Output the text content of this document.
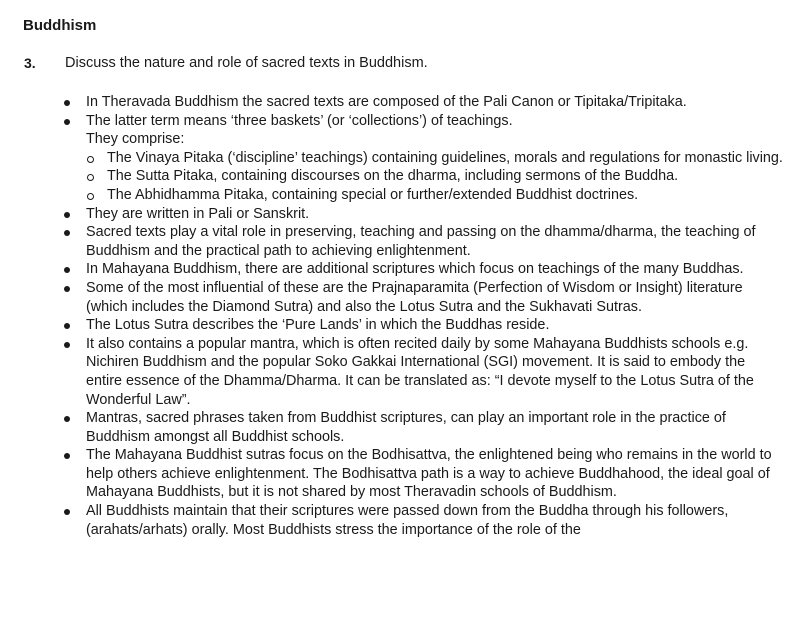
Buddhism
3. Discuss the nature and role of sacred texts in Buddhism.
In Theravada Buddhism the sacred texts are composed of the Pali Canon or Tipitaka/Tripitaka.
The latter term means ‘three baskets’ (or ‘collections’) of teachings.
They comprise:
The Vinaya Pitaka (‘discipline’ teachings) containing guidelines, morals and regulations for monastic living.
The Sutta Pitaka, containing discourses on the dharma, including sermons of the Buddha.
The Abhidhamma Pitaka, containing special or further/extended Buddhist doctrines.
They are written in Pali or Sanskrit.
Sacred texts play a vital role in preserving, teaching and passing on the dhamma/dharma, the teaching of Buddhism and the practical path to achieving enlightenment.
In Mahayana Buddhism, there are additional scriptures which focus on teachings of the many Buddhas.
Some of the most influential of these are the Prajnaparamita (Perfection of Wisdom or Insight) literature (which includes the Diamond Sutra) and also the Lotus Sutra and the Sukhavati Sutras.
The Lotus Sutra describes the ‘Pure Lands’ in which the Buddhas reside.
It also contains a popular mantra, which is often recited daily by some Mahayana Buddhists schools e.g. Nichiren Buddhism and the popular Soko Gakkai International (SGI) movement. It is said to embody the entire essence of the Dhamma/Dharma. It can be translated as: “I devote myself to the Lotus Sutra of the Wonderful Law”.
Mantras, sacred phrases taken from Buddhist scriptures, can play an important role in the practice of Buddhism amongst all Buddhist schools.
The Mahayana Buddhist sutras focus on the Bodhisattva, the enlightened being who remains in the world to help others achieve enlightenment. The Bodhisattva path is a way to achieve Buddhahood, the ideal goal of Mahayana Buddhists, but it is not shared by most Theravadin schools of Buddhism.
All Buddhists maintain that their scriptures were passed down from the Buddha through his followers, (arahats/arhats) orally. Most Buddhists stress the importance of the role of the
